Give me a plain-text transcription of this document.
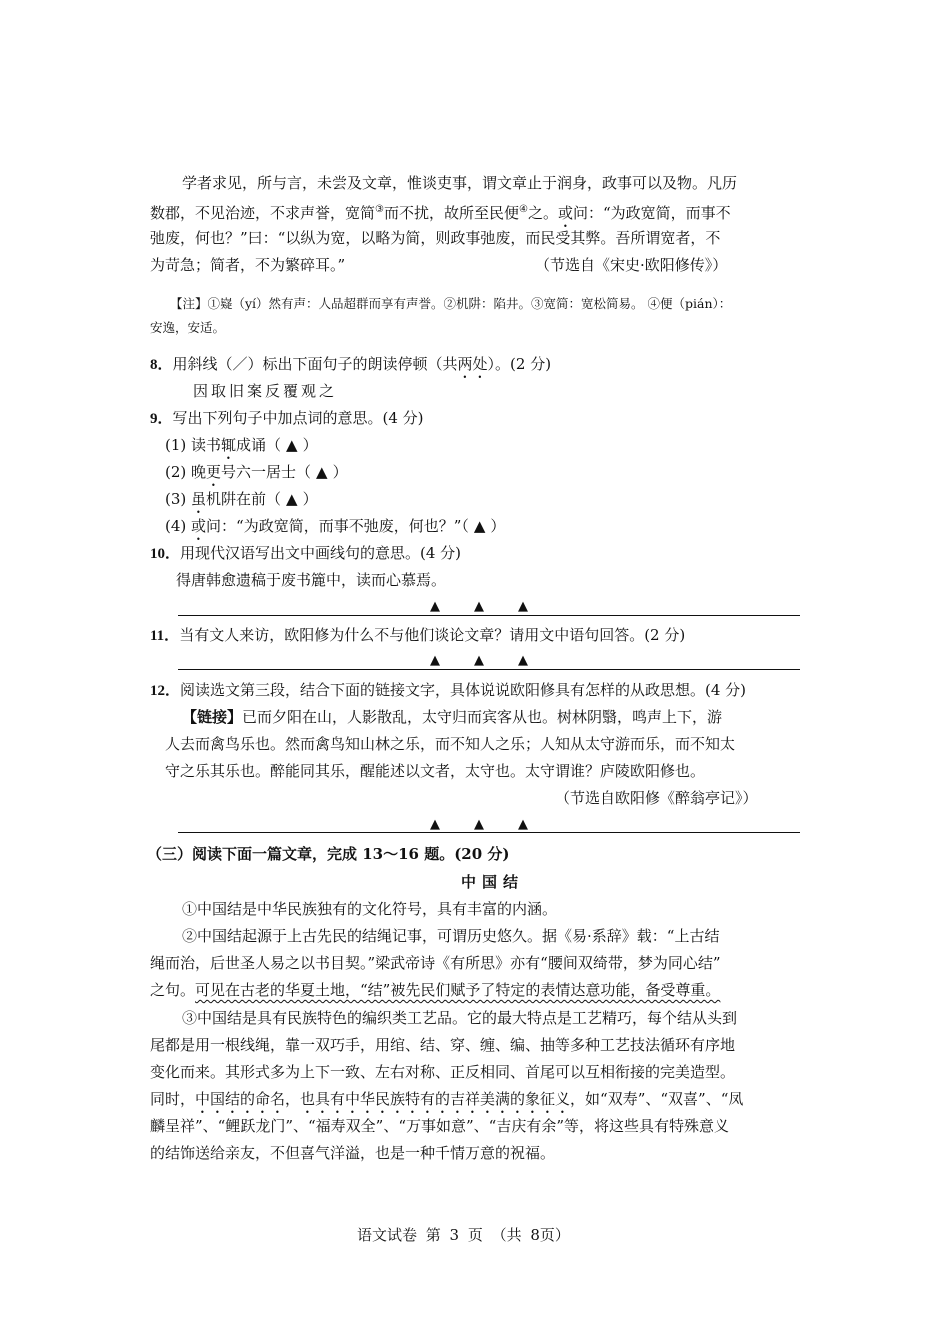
学者求见，所与言，未尝及文章，惟谈吏事，谓文章止于润身，政事可以及物。凡历
数郡，不见治迹，不求声誉，宽简③而不扰，故所至民便④之。或问：“为政宽简，而事不
弛废，何也？”曰：“以纵为宽，以略为简，则政事弛废，而民受其弊。吾所谓宽者，不
为苛急；简者，不为繁碎耳。”	（节选自《宋史·欧阳修传》）
【注】①嶷（yí）然有声：人品超群而享有声誉。②机阱：陷井。③宽简：宽松简易。 ④便（pián）：
安逸，安适。
8．用斜线（／）标出下面句子的朗读停顿（共两处）。(2 分)
因取旧案反覆观之
9．写出下列句子中加点词的意思。(4 分)
(1) 读书辄成诵（ ▲ ）
(2) 晚更号六一居士（ ▲ ）
(3) 虽机阱在前（ ▲ ）
(4) 或问：“为政宽简，而事不弛废，何也？”（ ▲ ）
10．用现代汉语写出文中画线句的意思。(4 分)
得唐韩愈遗稿于废书簏中，读而心慕焉。
▲▲▲
11．当有文人来访，欧阳修为什么不与他们谈论文章？请用文中语句回答。(2 分)
▲▲▲
12．阅读选文第三段，结合下面的链接文字，具体说说欧阳修具有怎样的从政思想。(4 分)
【链接】已而夕阳在山，人影散乱，太守归而宾客从也。树林阴翳，鸣声上下，游
人去而禽鸟乐也。然而禽鸟知山林之乐，而不知人之乐；人知从太守游而乐，而不知太
守之乐其乐也。醉能同其乐，醒能述以文者，太守也。太守谓谁？庐陵欧阳修也。
（节选自欧阳修《醉翁亭记》）
▲▲▲
（三）阅读下面一篇文章，完成 13～16 题。(20 分)
中国结
①中国结是中华民族独有的文化符号，具有丰富的内涵。
②中国结起源于上古先民的结绳记事，可谓历史悠久。据《易·系辞》载：“上古结
绳而治，后世圣人易之以书目契。”梁武帝诗《有所思》亦有“腰间双绮带，梦为同心结”
之句。可见在古老的华夏土地，“结”被先民们赋予了特定的表情达意功能，备受尊重。
③中国结是具有民族特色的编织类工艺品。它的最大特点是工艺精巧，每个结从头到
尾都是用一根线绳，靠一双巧手，用绾、结、穿、缠、编、抽等多种工艺技法循环有序地
变化而来。其形式多为上下一致、左右对称、正反相同、首尾可以互相衔接的完美造型。
同时，中国结的命名，也具有中华民族特有的吉祥美满的象征义，如“双寿”、“双喜”、“凤
麟呈祥”、“鲤跃龙门”、“福寿双全”、“万事如意”、“吉庆有余”等，将这些具有特殊意义
的结饰送给亲友，不但喜气洋溢，也是一种千情万意的祝福。
语文试卷 第 3 页 （共 8页）
